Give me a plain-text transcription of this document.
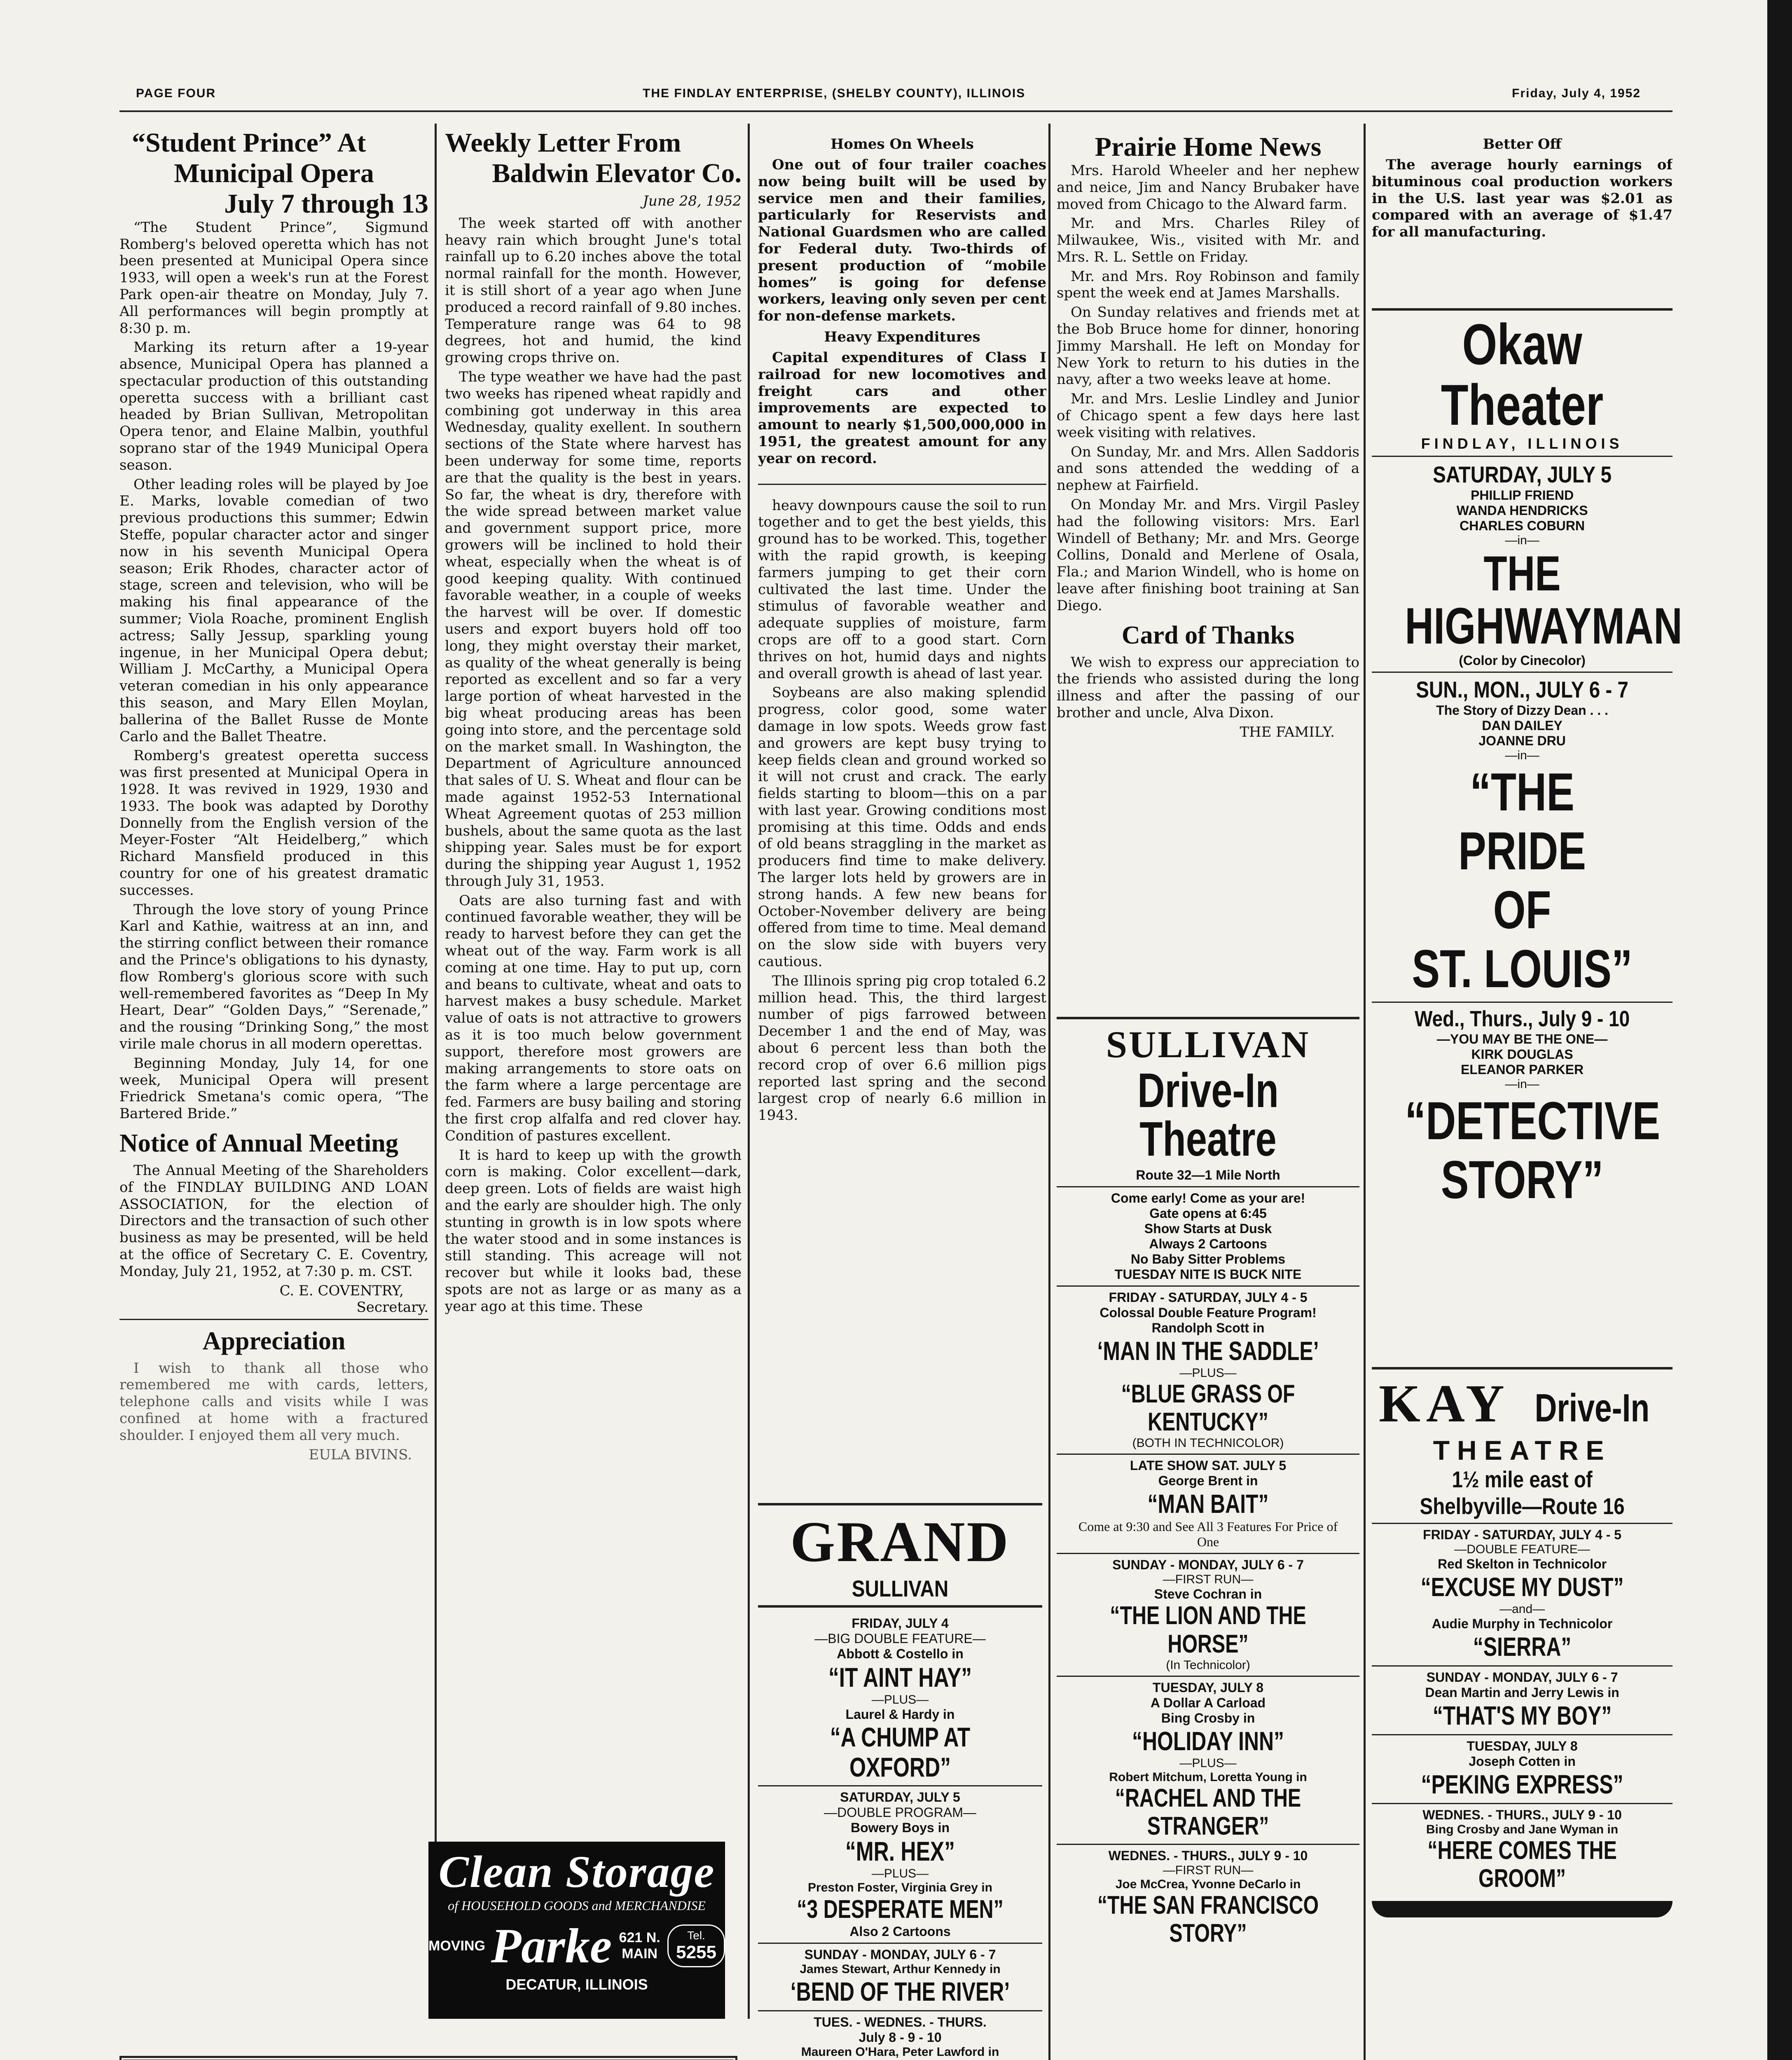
PAGE FOUR	THE FINDLAY ENTERPRISE, (SHELBY COUNTY), ILLINOIS	Friday, July 4, 1952
“Student Prince” At
Municipal Opera
July 7 through 13

“The Student Prince”, Sigmund Romberg's beloved operetta which has not been presented at Municipal Opera since 1933, will open a week's run at the Forest Park open-air theatre on Monday, July 7. All performances will begin promptly at 8:30 p. m.

Marking its return after a 19-year absence, Municipal Opera has planned a spectacular production of this outstanding operetta success with a brilliant cast headed by Brian Sullivan, Metropolitan Opera tenor, and Elaine Malbin, youthful soprano star of the 1949 Municipal Opera season.

Other leading roles will be played by Joe E. Marks, lovable comedian of two previous productions this summer; Edwin Steffe, popular character actor and singer now in his seventh Municipal Opera season; Erik Rhodes, character actor of stage, screen and television, who will be making his final appearance of the summer; Viola Roache, prominent English actress; Sally Jessup, sparkling young ingenue, in her Municipal Opera debut; William J. McCarthy, a Municipal Opera veteran comedian in his only appearance this season, and Mary Ellen Moylan, ballerina of the Ballet Russe de Monte Carlo and the Ballet Theatre.

Romberg's greatest operetta success was first presented at Municipal Opera in 1928. It was revived in 1929, 1930 and 1933. The book was adapted by Dorothy Donnelly from the English version of the Meyer-Foster “Alt Heidelberg,” which Richard Mansfield produced in this country for one of his greatest dramatic successes.

Through the love story of young Prince Karl and Kathie, waitress at an inn, and the stirring conflict between their romance and the Prince's obligations to his dynasty, flow Romberg's glorious score with such well-remembered favorites as “Deep In My Heart, Dear” “Golden Days,” “Serenade,” and the rousing “Drinking Song,” the most virile male chorus in all modern operettas.

Beginning Monday, July 14, for one week, Municipal Opera will present Friedrick Smetana's comic opera, “The Bartered Bride.”

Notice of Annual Meeting

The Annual Meeting of the Shareholders of the FINDLAY BUILDING AND LOAN ASSOCIATION, for the election of Directors and the transaction of such other business as may be presented, will be held at the office of Secretary C. E. Coventry, Monday, July 21, 1952, at 7:30 p. m. CST.

C. E. COVENTRY,
Secretary.
Appreciation

I wish to thank all those who remembered me with cards, letters, telephone calls and visits while I was confined at home with a fractured shoulder. I enjoyed them all very much.

EULA BIVINS.
Weekly Letter From
Baldwin Elevator Co.
June 28, 1952

The week started off with another heavy rain which brought June's total rainfall up to 6.20 inches above the total normal rainfall for the month. However, it is still short of a year ago when June produced a record rainfall of 9.80 inches. Temperature range was 64 to 98 degrees, hot and humid, the kind growing crops thrive on.

The type weather we have had the past two weeks has ripened wheat rapidly and combining got underway in this area Wednesday, quality exellent. In southern sections of the State where harvest has been underway for some time, reports are that the quality is the best in years. So far, the wheat is dry, therefore with the wide spread between market value and government support price, more growers will be inclined to hold their wheat, especially when the wheat is of good keeping quality. With continued favorable weather, in a couple of weeks the harvest will be over. If domestic users and export buyers hold off too long, they might overstay their market, as quality of the wheat generally is being reported as excellent and so far a very large portion of wheat harvested in the big wheat producing areas has been going into store, and the percentage sold on the market small. In Washington, the Department of Agriculture announced that sales of U. S. Wheat and flour can be made against 1952-53 International Wheat Agreement quotas of 253 million bushels, about the same quota as the last shipping year. Sales must be for export during the shipping year August 1, 1952 through July 31, 1953.

Oats are also turning fast and with continued favorable weather, they will be ready to harvest before they can get the wheat out of the way. Farm work is all coming at one time. Hay to put up, corn and beans to cultivate, wheat and oats to harvest makes a busy schedule. Market value of oats is not attractive to growers as it is too much below government support, therefore most growers are making arrangements to store oats on the farm where a large percentage are fed. Farmers are busy bailing and storing the first crop alfalfa and red clover hay. Condition of pastures excellent.

It is hard to keep up with the growth corn is making. Color excellent—dark, deep green. Lots of fields are waist high and the early are shoulder high. The only stunting in growth is in low spots where the water stood and in some instances is still standing. This acreage will not recover but while it looks bad, these spots are not as large or as many as a year ago at this time. These

Clean Storage
of HOUSEHOLD GOODS and MERCHANDISE
MOVING Parke 621 N. MAIN
Tel.
5255
DECATUR, ILLINOIS
Homes On Wheels

One out of four trailer coaches now being built will be used by service men and their families, particularly for Reservists and National Guardsmen who are called for Federal duty. Two-thirds of present production of “mobile homes” is going for defense workers, leaving only seven per cent for non-defense markets.

Heavy Expenditures

Capital expenditures of Class I railroad for new locomotives and freight cars and other improvements are expected to amount to nearly $1,500,000,000 in 1951, the greatest amount for any year on record.

heavy downpours cause the soil to run together and to get the best yields, this ground has to be worked. This, together with the rapid growth, is keeping farmers jumping to get their corn cultivated the last time. Under the stimulus of favorable weather and adequate supplies of moisture, farm crops are off to a good start. Corn thrives on hot, humid days and nights and overall growth is ahead of last year.

Soybeans are also making splendid progress, color good, some water damage in low spots. Weeds grow fast and growers are kept busy trying to keep fields clean and ground worked so it will not crust and crack. The early fields starting to bloom—this on a par with last year. Growing conditions most promising at this time. Odds and ends of old beans straggling in the market as producers find time to make delivery. The larger lots held by growers are in strong hands. A few new beans for October-November delivery are being offered from time to time. Meal demand on the slow side with buyers very cautious.

The Illinois spring pig crop totaled 6.2 million head. This, the third largest number of pigs farrowed between December 1 and the end of May, was about 6 percent less than both the record crop of over 6.6 million pigs reported last spring and the second largest crop of nearly 6.6 million in 1943.

GRAND
SULLIVAN
FRIDAY, JULY 4
—BIG DOUBLE FEATURE—
Abbott & Costello in
“IT AINT HAY”
—PLUS—
Laurel & Hardy in
“A CHUMP AT OXFORD”
SATURDAY, JULY 5
—DOUBLE PROGRAM—
Bowery Boys in
“MR. HEX”
—PLUS—
Preston Foster, Virginia Grey in
“3 DESPERATE MEN”
Also 2 Cartoons
SUNDAY - MONDAY, JULY 6 - 7
James Stewart, Arthur Kennedy in
‘BEND OF THE RIVER’
TUES. - WEDNES. - THURS.
July 8 - 9 - 10
Maureen O'Hara, Peter Lawford in
Prairie Home News

Mrs. Harold Wheeler and her nephew and neice, Jim and Nancy Brubaker have moved from Chicago to the Alward farm.

Mr. and Mrs. Charles Riley of Milwaukee, Wis., visited with Mr. and Mrs. R. L. Settle on Friday.

Mr. and Mrs. Roy Robinson and family spent the week end at James Marshalls.

On Sunday relatives and friends met at the Bob Bruce home for dinner, honoring Jimmy Marshall. He left on Monday for New York to return to his duties in the navy, after a two weeks leave at home.

Mr. and Mrs. Leslie Lindley and Junior of Chicago spent a few days here last week visiting with relatives.

On Sunday, Mr. and Mrs. Allen Saddoris and sons attended the wedding of a nephew at Fairfield.

On Monday Mr. and Mrs. Virgil Pasley had the following visitors: Mrs. Earl Windell of Bethany; Mr. and Mrs. George Collins, Donald and Merlene of Osala, Fla.; and Marion Windell, who is home on leave after finishing boot training at San Diego.

Card of Thanks

We wish to express our appreciation to the friends who assisted during the long illness and after the passing of our brother and uncle, Alva Dixon.

THE FAMILY.
SULLIVAN
Drive-In Theatre
Route 32—1 Mile North
Come early! Come as your are!
Gate opens at 6:45
Show Starts at Dusk
Always 2 Cartoons
No Baby Sitter Problems
TUESDAY NITE IS BUCK NITE
FRIDAY - SATURDAY, JULY 4 - 5
Colossal Double Feature Program!
Randolph Scott in
‘MAN IN THE SADDLE’
—PLUS—
“BLUE GRASS OF KENTUCKY”
(BOTH IN TECHNICOLOR)
LATE SHOW SAT. JULY 5
George Brent in
“MAN BAIT”
Come at 9:30 and See All 3 Features For Price of One
SUNDAY - MONDAY, JULY 6 - 7
—FIRST RUN—
Steve Cochran in
“THE LION AND THE HORSE”
(In Technicolor)
TUESDAY, JULY 8
A Dollar A Carload
Bing Crosby in
“HOLIDAY INN”
—PLUS—
Robert Mitchum, Loretta Young in
“RACHEL AND THE STRANGER”
WEDNES. - THURS., JULY 9 - 10
—FIRST RUN—
Joe McCrea, Yvonne DeCarlo in
“THE SAN FRANCISCO STORY”
Better Off

The average hourly earnings of bituminous coal production workers in the U.S. last year was $2.01 as compared with an average of $1.47 for all manufacturing.

Okaw Theater
FINDLAY, ILLINOIS
SATURDAY, JULY 5
PHILLIP FRIEND
WANDA HENDRICKS
CHARLES COBURN
—in—
THE
HIGHWAYMAN
(Color by Cinecolor)
SUN., MON., JULY 6 - 7
The Story of Dizzy Dean . . .
DAN DAILEY
JOANNE DRU
—in—
“THE PRIDE
OF
ST. LOUIS”
Wed., Thurs., July 9 - 10
—YOU MAY BE THE ONE—
KIRK DOUGLAS
ELEANOR PARKER
—in—
“DETECTIVE
STORY”
KAY Drive-In
THEATRE
1½ mile east of
Shelbyville—Route 16
FRIDAY - SATURDAY, JULY 4 - 5
—DOUBLE FEATURE—
Red Skelton in Technicolor
“EXCUSE MY DUST”
—and—
Audie Murphy in Technicolor
“SIERRA”
SUNDAY - MONDAY, JULY 6 - 7
Dean Martin and Jerry Lewis in
“THAT'S MY BOY”
TUESDAY, JULY 8
Joseph Cotten in
“PEKING EXPRESS”
WEDNES. - THURS., JULY 9 - 10
Bing Crosby and Jane Wyman in
“HERE COMES THE GROOM”
